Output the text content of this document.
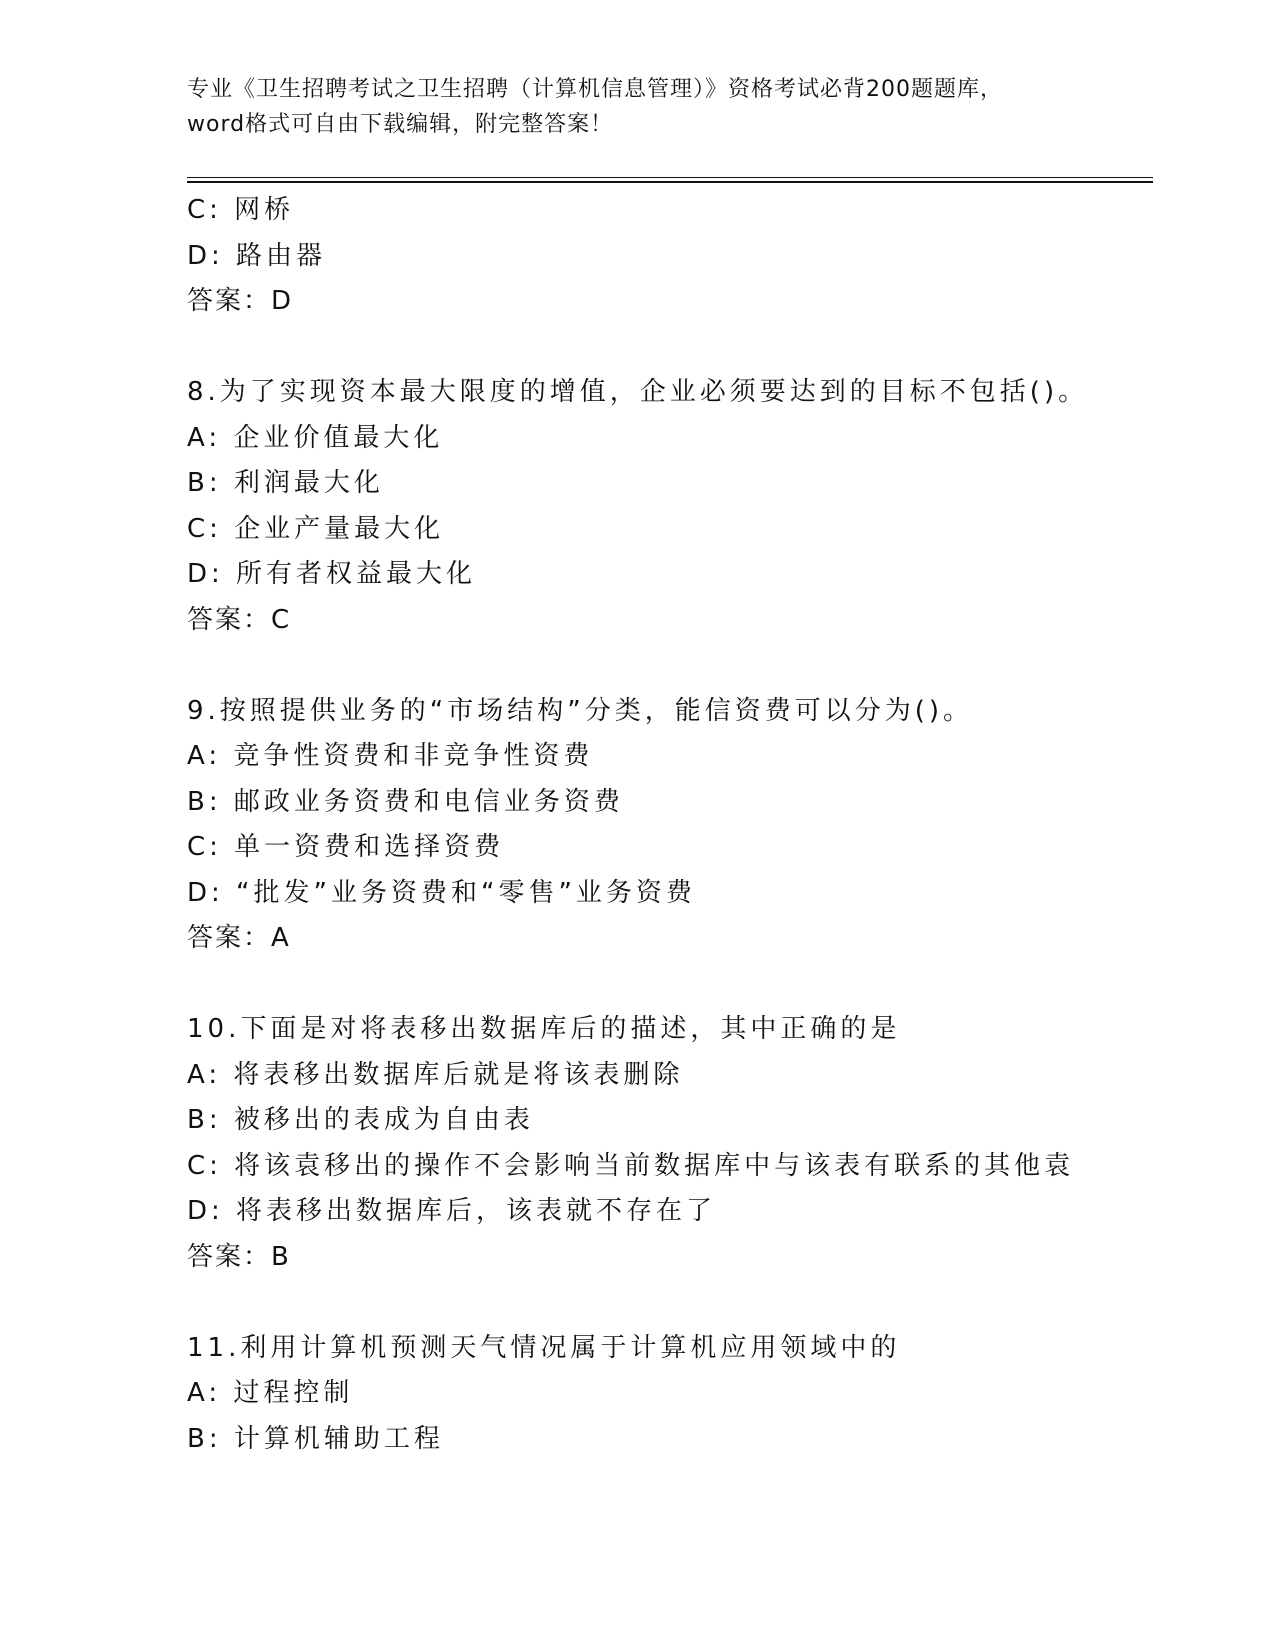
专业《卫生招聘考试之卫生招聘（计算机信息管理）》资格考试必背200题题库，
word格式可自由下载编辑，附完整答案！
C: 网桥
D: 路由器
答案：D
8.为了实现资本最大限度的增值，企业必须要达到的目标不包括()。
A: 企业价值最大化
B: 利润最大化
C: 企业产量最大化
D: 所有者权益最大化
答案：C
9.按照提供业务的“市场结构”分类，能信资费可以分为()。
A: 竞争性资费和非竞争性资费
B: 邮政业务资费和电信业务资费
C: 单一资费和选择资费
D: “批发”业务资费和“零售”业务资费
答案：A
10.下面是对将表移出数据库后的描述，其中正确的是
A: 将表移出数据库后就是将该表删除
B: 被移出的表成为自由表
C: 将该袁移出的操作不会影响当前数据库中与该表有联系的其他袁
D: 将表移出数据库后，该表就不存在了
答案：B
11.利用计算机预测天气情况属于计算机应用领域中的
A: 过程控制
B: 计算机辅助工程
